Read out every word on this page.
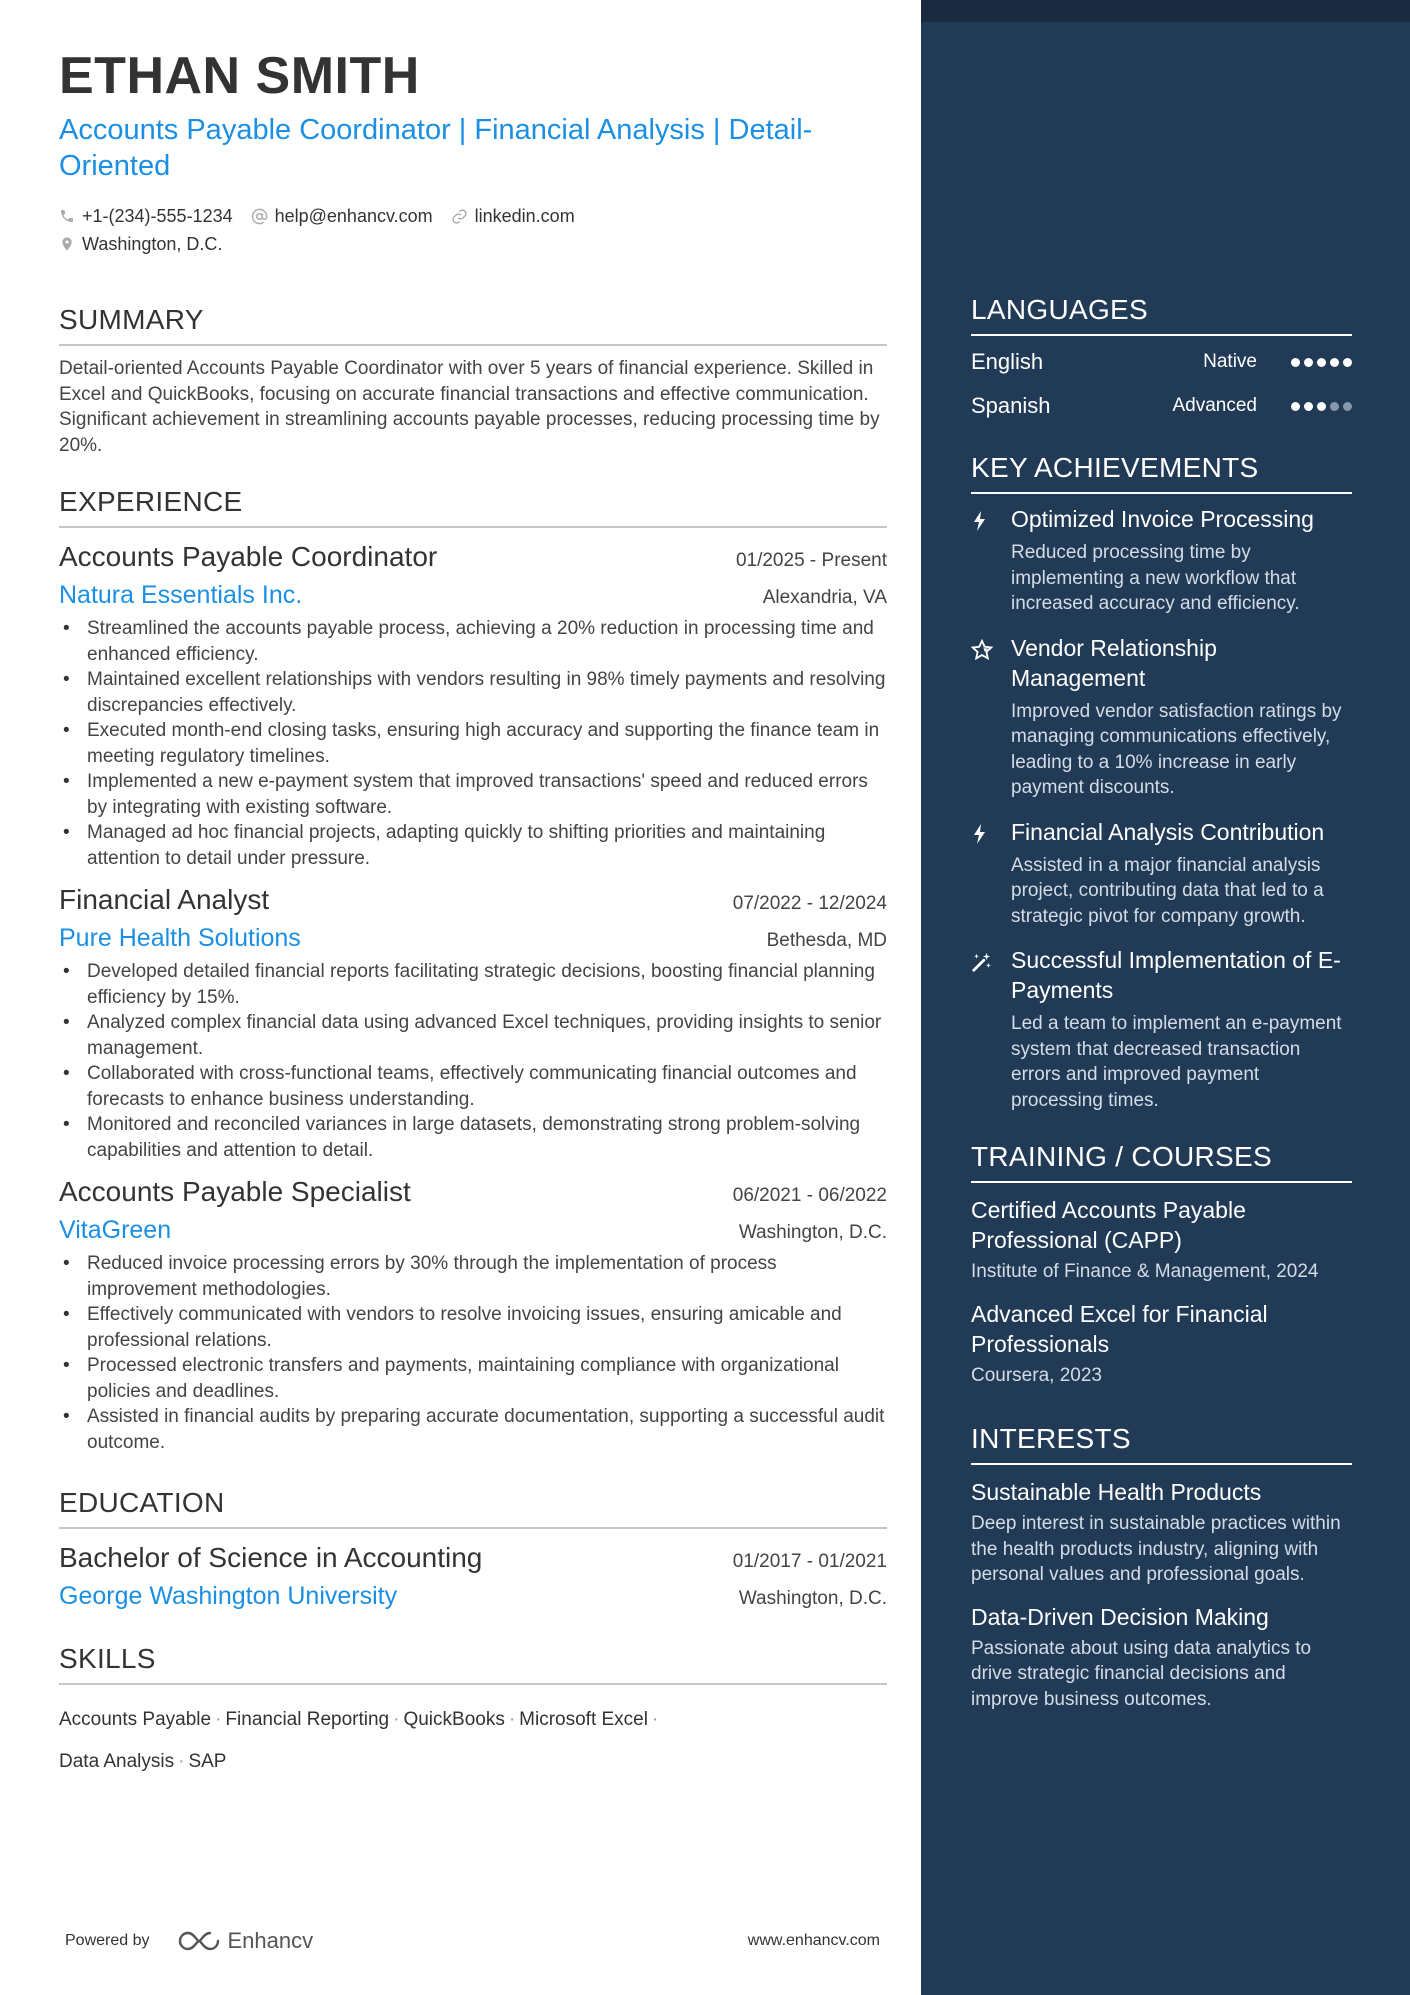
ETHAN SMITH
Accounts Payable Coordinator | Financial Analysis | Detail-Oriented
+1-(234)-555-1234 help@enhancv.com linkedin.com
Washington, D.C.
SUMMARY

Detail-oriented Accounts Payable Coordinator with over 5 years of financial experience. Skilled in Excel and QuickBooks, focusing on accurate financial transactions and effective communication. Significant achievement in streamlining accounts payable processes, reducing processing time by 20%.

EXPERIENCE
Accounts Payable Coordinator	01/2025 - Present
Natura Essentials Inc.	Alexandria, VA
• Streamlined the accounts payable process, achieving a 20% reduction in processing time and enhanced efficiency.
• Maintained excellent relationships with vendors resulting in 98% timely payments and resolving discrepancies effectively.
• Executed month-end closing tasks, ensuring high accuracy and supporting the finance team in meeting regulatory timelines.
• Implemented a new e-payment system that improved transactions' speed and reduced errors by integrating with existing software.
• Managed ad hoc financial projects, adapting quickly to shifting priorities and maintaining attention to detail under pressure.
Financial Analyst	07/2022 - 12/2024
Pure Health Solutions	Bethesda, MD
• Developed detailed financial reports facilitating strategic decisions, boosting financial planning efficiency by 15%.
• Analyzed complex financial data using advanced Excel techniques, providing insights to senior management.
• Collaborated with cross-functional teams, effectively communicating financial outcomes and forecasts to enhance business understanding.
• Monitored and reconciled variances in large datasets, demonstrating strong problem-solving capabilities and attention to detail.
Accounts Payable Specialist	06/2021 - 06/2022
VitaGreen	Washington, D.C.
• Reduced invoice processing errors by 30% through the implementation of process improvement methodologies.
• Effectively communicated with vendors to resolve invoicing issues, ensuring amicable and professional relations.
• Processed electronic transfers and payments, maintaining compliance with organizational policies and deadlines.
• Assisted in financial audits by preparing accurate documentation, supporting a successful audit outcome.
EDUCATION
Bachelor of Science in Accounting	01/2017 - 01/2021
George Washington University	Washington, D.C.
SKILLS
Accounts Payable · Financial Reporting · QuickBooks · Microsoft Excel ·
Data Analysis · SAP
Powered by	Enhancv	www.enhancv.com
LANGUAGES
English	Native
Spanish	Advanced
KEY ACHIEVEMENTS
Optimized Invoice Processing
Reduced processing time by implementing a new workflow that increased accuracy and efficiency.
Vendor Relationship Management
Improved vendor satisfaction ratings by managing communications effectively, leading to a 10% increase in early payment discounts.
Financial Analysis Contribution
Assisted in a major financial analysis project, contributing data that led to a strategic pivot for company growth.
Successful Implementation of E-Payments
Led a team to implement an e-payment system that decreased transaction errors and improved payment processing times.
TRAINING / COURSES
Certified Accounts Payable Professional (CAPP)
Institute of Finance & Management, 2024
Advanced Excel for Financial Professionals
Coursera, 2023
INTERESTS
Sustainable Health Products
Deep interest in sustainable practices within the health products industry, aligning with personal values and professional goals.
Data-Driven Decision Making
Passionate about using data analytics to drive strategic financial decisions and improve business outcomes.
